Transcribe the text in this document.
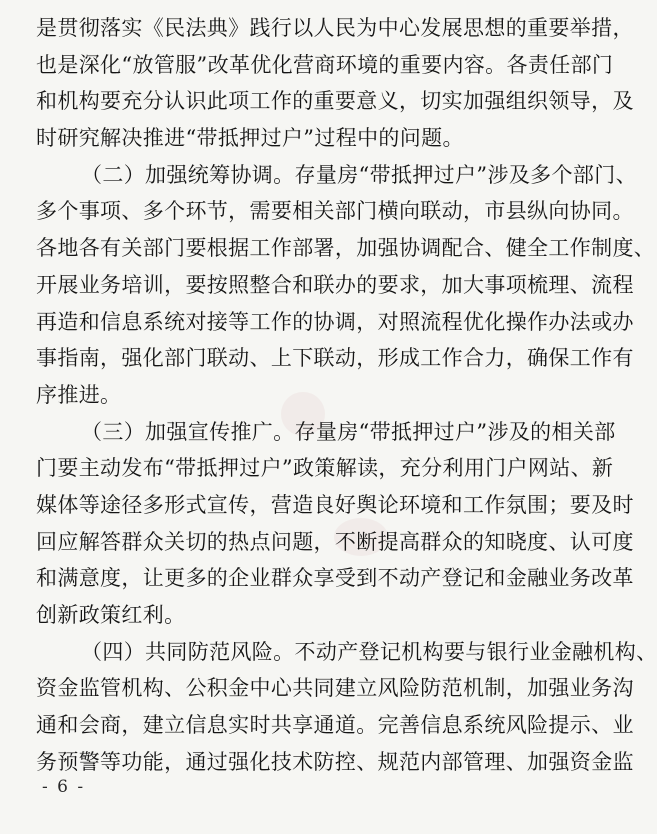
是贯彻落实《民法典》践行以人民为中心发展思想的重要举措，
也是深化“放管服”改革优化营商环境的重要内容。各责任部门
和机构要充分认识此项工作的重要意义，切实加强组织领导，及
时研究解决推进“带抵押过户”过程中的问题。
（二）加强统筹协调。存量房“带抵押过户”涉及多个部门、
多个事项、多个环节，需要相关部门横向联动，市县纵向协同。
各地各有关部门要根据工作部署，加强协调配合、健全工作制度、
开展业务培训，要按照整合和联办的要求，加大事项梳理、流程
再造和信息系统对接等工作的协调，对照流程优化操作办法或办
事指南，强化部门联动、上下联动，形成工作合力，确保工作有
序推进。
（三）加强宣传推广。存量房“带抵押过户”涉及的相关部
门要主动发布“带抵押过户”政策解读，充分利用门户网站、新
媒体等途径多形式宣传，营造良好舆论环境和工作氛围；要及时
回应解答群众关切的热点问题，不断提高群众的知晓度、认可度
和满意度，让更多的企业群众享受到不动产登记和金融业务改革
创新政策红利。
（四）共同防范风险。不动产登记机构要与银行业金融机构、
资金监管机构、公积金中心共同建立风险防范机制，加强业务沟
通和会商，建立信息实时共享通道。完善信息系统风险提示、业
务预警等功能，通过强化技术防控、规范内部管理、加强资金监
- 6 -
